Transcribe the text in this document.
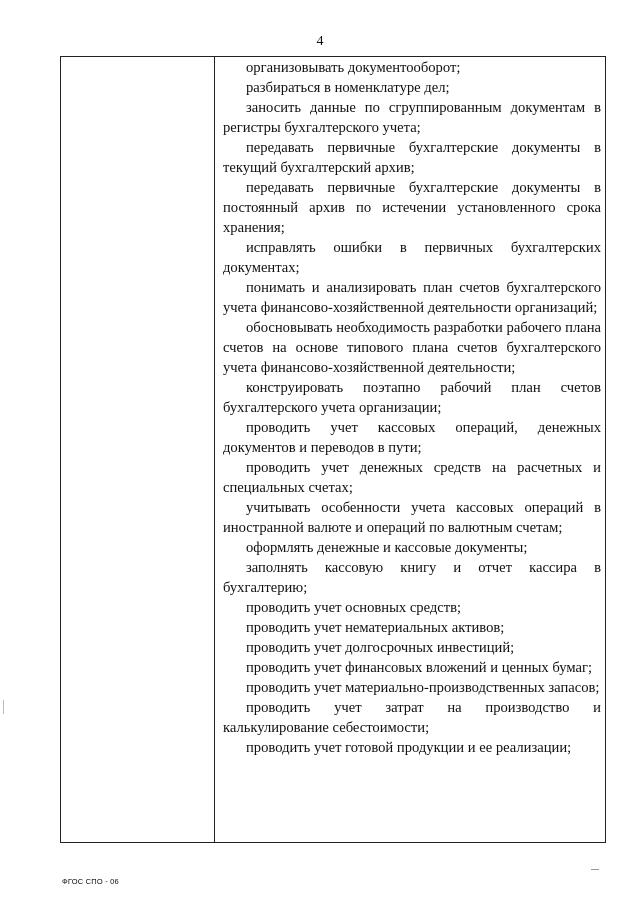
4

организовывать документооборот;

разбираться в номенклатуре дел;

заносить данные по сгруппированным документам в регистры бухгалтерского учета;

передавать первичные бухгалтерские документы в текущий бухгалтерский архив;

передавать первичные бухгалтерские документы в постоянный архив по истечении установленного срока хранения;

исправлять ошибки в первичных бухгалтерских документах;

понимать и анализировать план счетов бухгалтерского учета финансово-хозяйственной деятельности организаций;

обосновывать необходимость разработки рабочего плана счетов на основе типового плана счетов бухгалтерского учета финансово-хозяйственной деятельности;

конструировать поэтапно рабочий план счетов бухгалтерского учета организации;

проводить учет кассовых операций, денежных документов и переводов в пути;

проводить учет денежных средств на расчетных и специальных счетах;

учитывать особенности учета кассовых операций в иностранной валюте и операций по валютным счетам;

оформлять денежные и кассовые документы;

заполнять кассовую книгу и отчет кассира в бухгалтерию;

проводить учет основных средств;

проводить учет нематериальных активов;

проводить учет долгосрочных инвестиций;

проводить учет финансовых вложений и ценных бумаг;

проводить учет материально-производственных запасов;

проводить учет затрат на производство и калькулирование себестоимости;

проводить учет готовой продукции и ее реализации;

ФГОС СПО - 06
